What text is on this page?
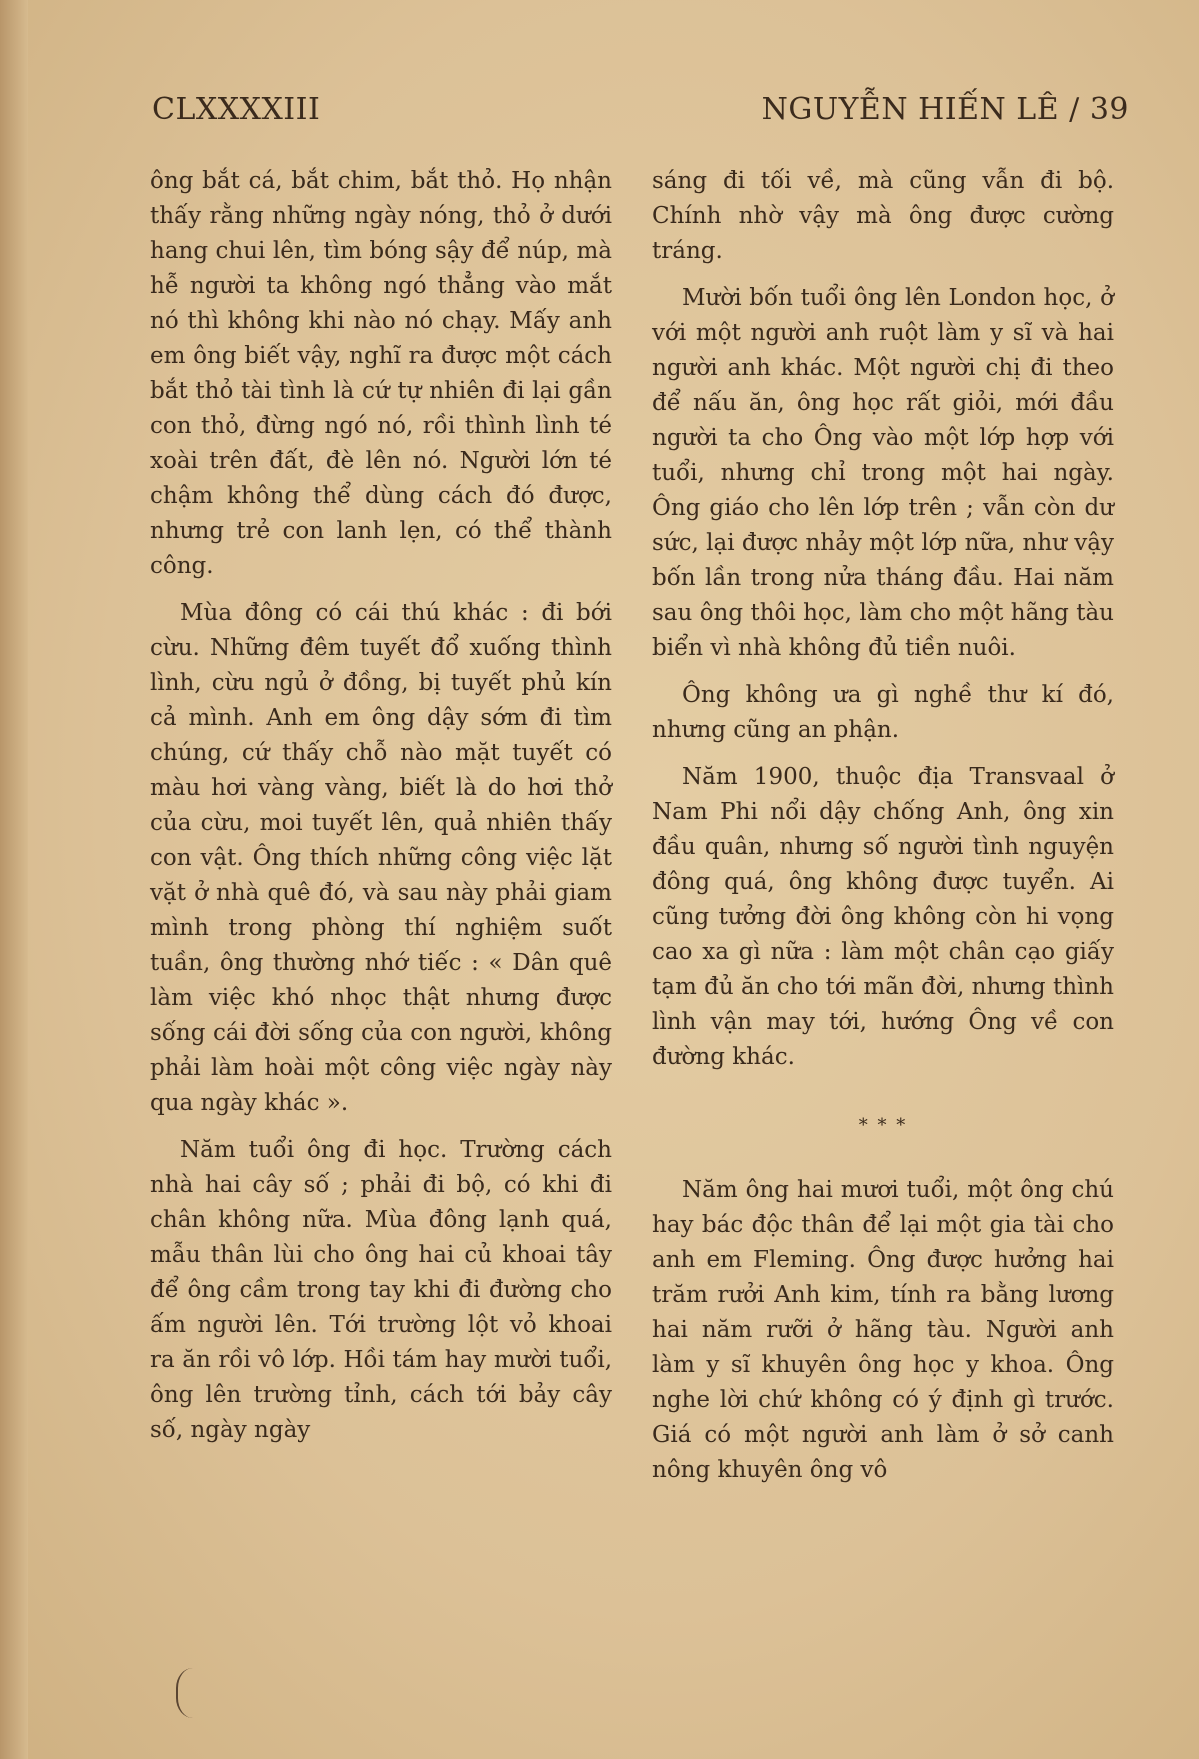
CLXXXXIII	NGUYỄN HIẾN LÊ / 39

ông bắt cá, bắt chim, bắt thỏ. Họ nhận thấy rằng những ngày nóng, thỏ ở dưới hang chui lên, tìm bóng sậy để núp, mà hễ người ta không ngó thẳng vào mắt nó thì không khi nào nó chạy. Mấy anh em ông biết vậy, nghĩ ra được một cách bắt thỏ tài tình là cứ tự nhiên đi lại gần con thỏ, đừng ngó nó, rồi thình lình té xoài trên đất, đè lên nó. Người lớn té chậm không thể dùng cách đó được, nhưng trẻ con lanh lẹn, có thể thành công.

Mùa đông có cái thú khác : đi bới cừu. Những đêm tuyết đổ xuống thình lình, cừu ngủ ở đồng, bị tuyết phủ kín cả mình. Anh em ông dậy sớm đi tìm chúng, cứ thấy chỗ nào mặt tuyết có màu hơi vàng vàng, biết là do hơi thở của cừu, moi tuyết lên, quả nhiên thấy con vật. Ông thích những công việc lặt vặt ở nhà quê đó, và sau này phải giam mình trong phòng thí nghiệm suốt tuần, ông thường nhớ tiếc : « Dân quê làm việc khó nhọc thật nhưng được sống cái đời sống của con người, không phải làm hoài một công việc ngày này qua ngày khác ».

Năm tuổi ông đi học. Trường cách nhà hai cây số ; phải đi bộ, có khi đi chân không nữa. Mùa đông lạnh quá, mẫu thân lùi cho ông hai củ khoai tây để ông cầm trong tay khi đi đường cho ấm người lên. Tới trường lột vỏ khoai ra ăn rồi vô lớp. Hồi tám hay mười tuổi, ông lên trường tỉnh, cách tới bảy cây số, ngày ngày

sáng đi tối về, mà cũng vẫn đi bộ. Chính nhờ vậy mà ông được cường tráng.

Mười bốn tuổi ông lên London học, ở với một người anh ruột làm y sĩ và hai người anh khác. Một người chị đi theo để nấu ăn, ông học rất giỏi, mới đầu người ta cho Ông vào một lớp hợp với tuổi, nhưng chỉ trong một hai ngày. Ông giáo cho lên lớp trên ; vẫn còn dư sức, lại được nhảy một lớp nữa, như vậy bốn lần trong nửa tháng đầu. Hai năm sau ông thôi học, làm cho một hãng tàu biển vì nhà không đủ tiền nuôi.

Ông không ưa gì nghề thư kí đó, nhưng cũng an phận.

Năm 1900, thuộc địa Transvaal ở Nam Phi nổi dậy chống Anh, ông xin đầu quân, nhưng số người tình nguyện đông quá, ông không được tuyển. Ai cũng tưởng đời ông không còn hi vọng cao xa gì nữa : làm một chân cạo giấy tạm đủ ăn cho tới mãn đời, nhưng thình lình vận may tới, hướng Ông về con đường khác.

* * *

Năm ông hai mươi tuổi, một ông chú hay bác độc thân để lại một gia tài cho anh em Fleming. Ông được hưởng hai trăm rưởi Anh kim, tính ra bằng lương hai năm rưỡi ở hãng tàu. Người anh làm y sĩ khuyên ông học y khoa. Ông nghe lời chứ không có ý định gì trước. Giá có một người anh làm ở sở canh nông khuyên ông vô
